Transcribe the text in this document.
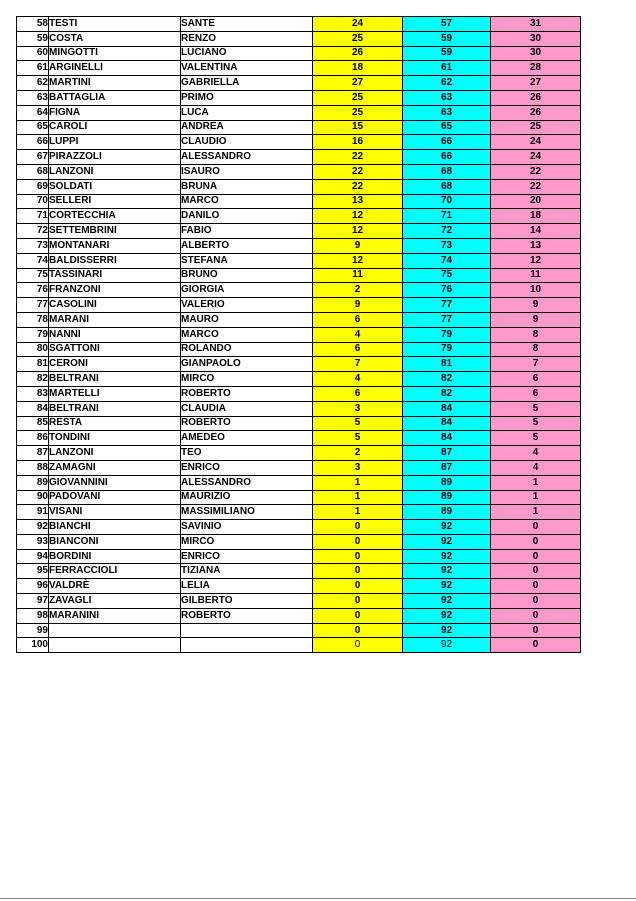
58	TESTI	SANTE	24	57	31
59	COSTA	RENZO	25	59	30
60	MINGOTTI	LUCIANO	26	59	30
61	ARGINELLI	VALENTINA	18	61	28
62	MARTINI	GABRIELLA	27	62	27
63	BATTAGLIA	PRIMO	25	63	26
64	FIGNA	LUCA	25	63	26
65	CAROLI	ANDREA	15	65	25
66	LUPPI	CLAUDIO	16	66	24
67	PIRAZZOLI	ALESSANDRO	22	66	24
68	LANZONI	ISAURO	22	68	22
69	SOLDATI	BRUNA	22	68	22
70	SELLERI	MARCO	13	70	20
71	CORTECCHIA	DANILO	12	71	18
72	SETTEMBRINI	FABIO	12	72	14
73	MONTANARI	ALBERTO	9	73	13
74	BALDISSERRI	STEFANA	12	74	12
75	TASSINARI	BRUNO	11	75	11
76	FRANZONI	GIORGIA	2	76	10
77	CASOLINI	VALERIO	9	77	9
78	MARANI	MAURO	6	77	9
79	NANNI	MARCO	4	79	8
80	SGATTONI	ROLANDO	6	79	8
81	CERONI	GIANPAOLO	7	81	7
82	BELTRANI	MIRCO	4	82	6
83	MARTELLI	ROBERTO	6	82	6
84	BELTRANI	CLAUDIA	3	84	5
85	RESTA	ROBERTO	5	84	5
86	TONDINI	AMEDEO	5	84	5
87	LANZONI	TEO	2	87	4
88	ZAMAGNI	ENRICO	3	87	4
89	GIOVANNINI	ALESSANDRO	1	89	1
90	PADOVANI	MAURIZIO	1	89	1
91	VISANI	MASSIMILIANO	1	89	1
92	BIANCHI	SAVINIO	0	92	0
93	BIANCONI	MIRCO	0	92	0
94	BORDINI	ENRICO	0	92	0
95	FERRACCIOLI	TIZIANA	0	92	0
96	VALDRÈ	LELIA	0	92	0
97	ZAVAGLI	GILBERTO	0	92	0
98	MARANINI	ROBERTO	0	92	0
99			0	92	0
100			0	92	0
